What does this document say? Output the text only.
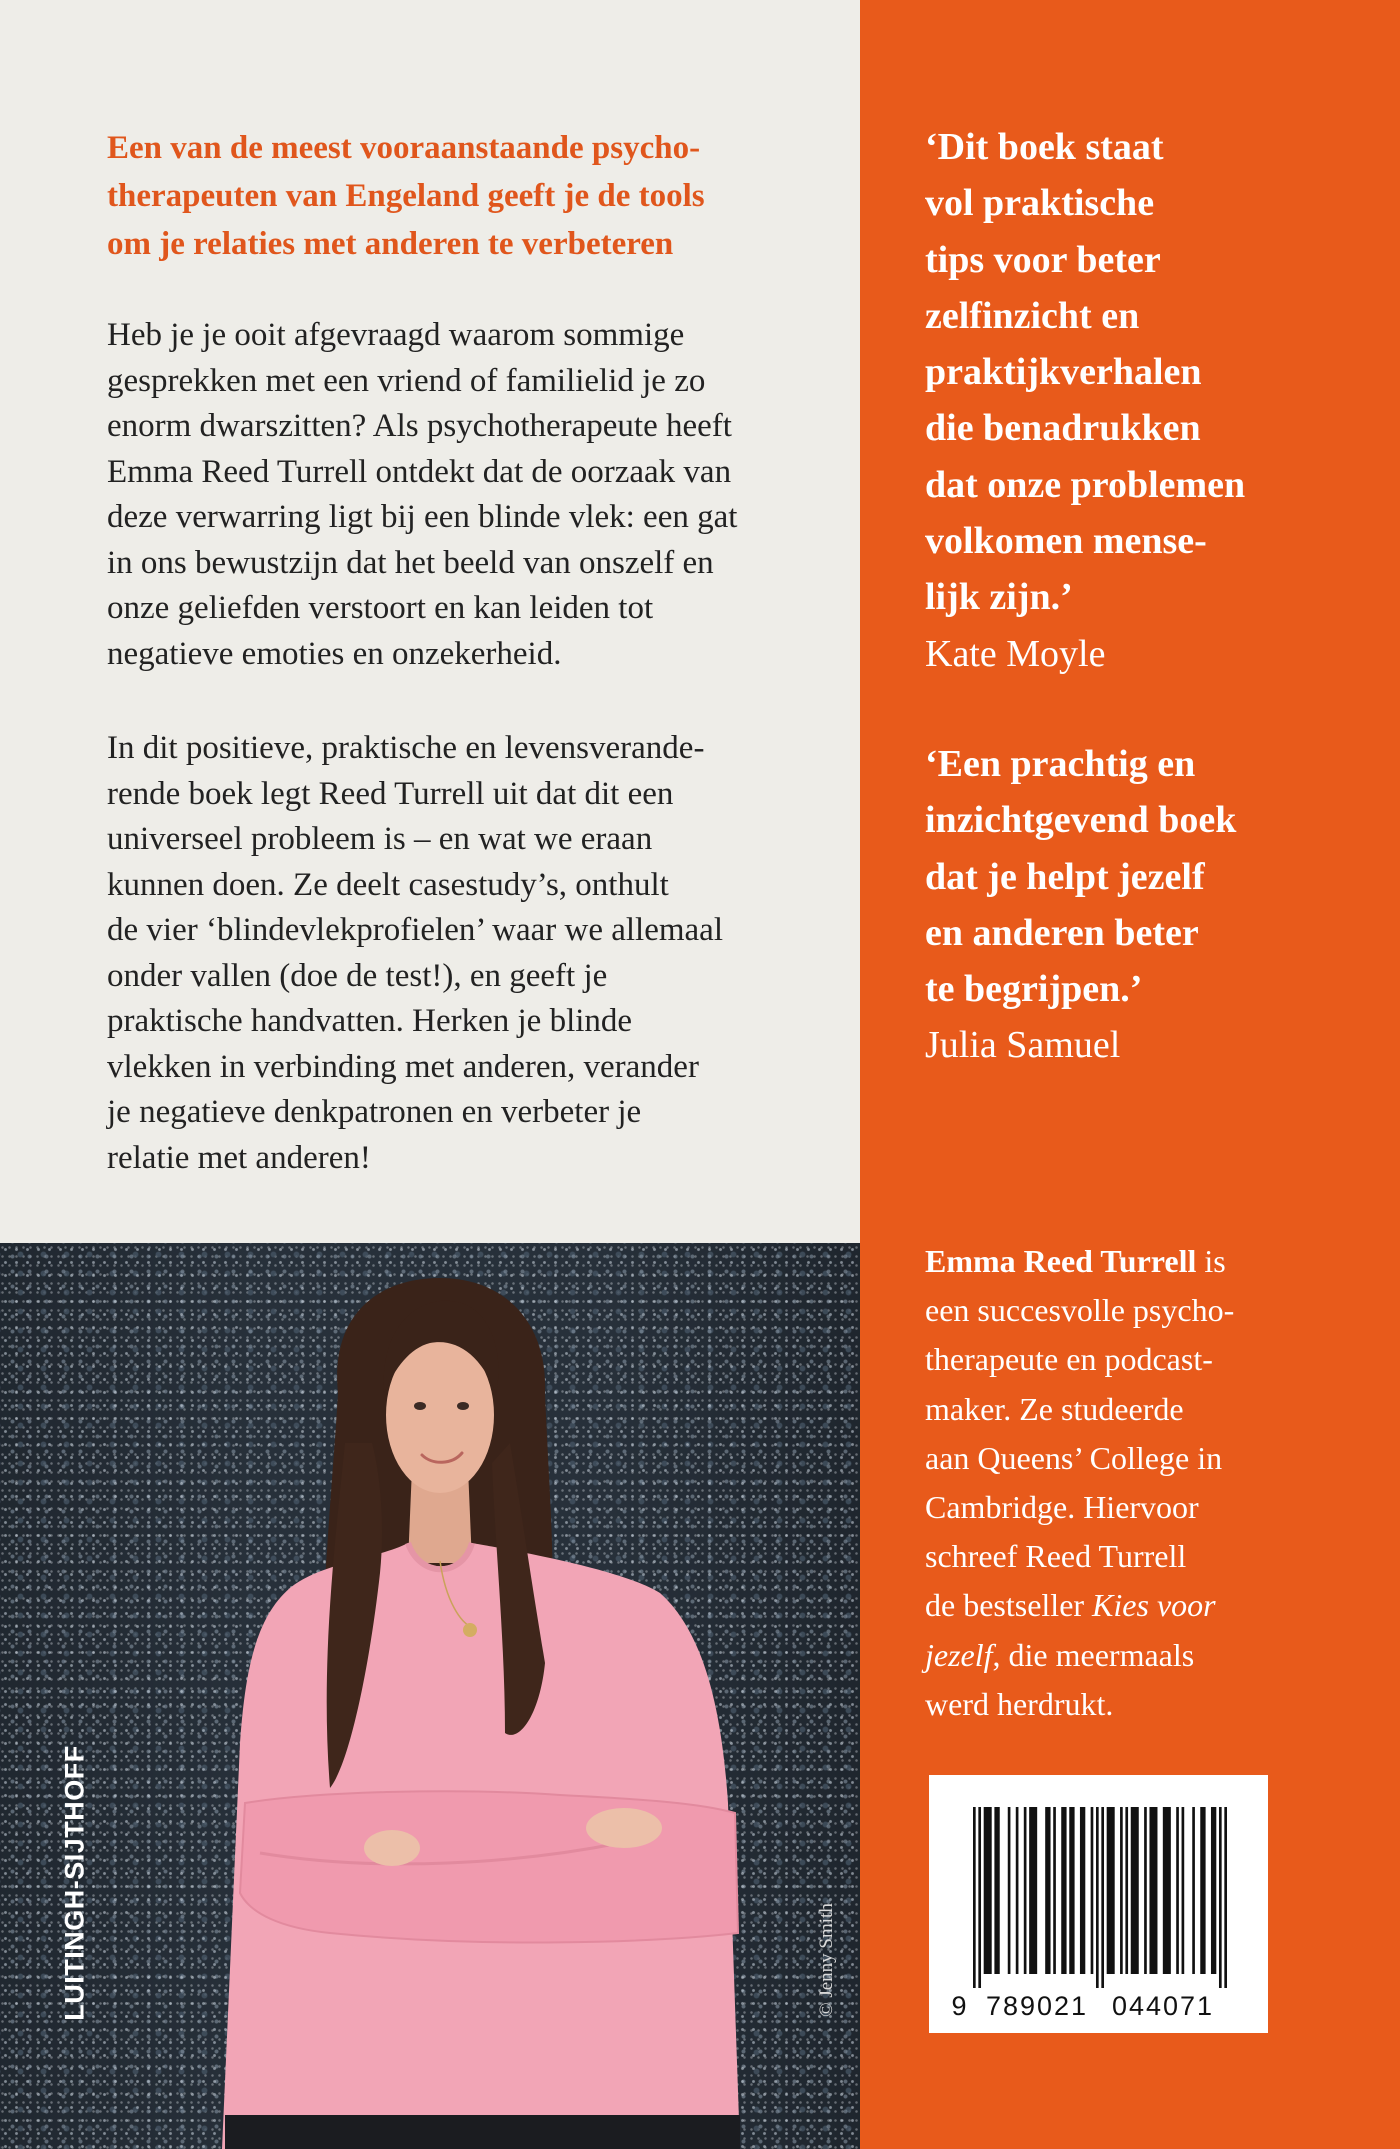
Een van de meest vooraanstaande psycho-
therapeuten van Engeland geeft je de tools
om je relaties met anderen te verbeteren
Heb je je ooit afgevraagd waarom sommige
gesprekken met een vriend of familielid je zo
enorm dwarszitten? Als psychotherapeute heeft
Emma Reed Turrell ontdekt dat de oorzaak van
deze verwarring ligt bij een blinde vlek: een gat
in ons bewustzijn dat het beeld van onszelf en
onze geliefden verstoort en kan leiden tot
negatieve emoties en onzekerheid.
In dit positieve, praktische en levensverande-
rende boek legt Reed Turrell uit dat dit een
universeel probleem is – en wat we eraan
kunnen doen. Ze deelt casestudy’s, onthult
de vier ‘blindevlekprofielen’ waar we allemaal
onder vallen (doe de test!), en geeft je
praktische handvatten. Herken je blinde
vlekken in verbinding met anderen, verander
je negatieve denkpatronen en verbeter je
relatie met anderen!
LUITINGH-SIJTHOFF	© Jenny Smith
‘Dit boek staat
vol praktische
tips voor beter
zelfinzicht en
praktijkverhalen
die benadrukken
dat onze problemen
volkomen mense-
lijk zijn.’
Kate Moyle
‘Een prachtig en
inzichtgevend boek
dat je helpt jezelf
en anderen beter
te begrijpen.’
Julia Samuel
Emma Reed Turrell is
een succesvolle psycho-
therapeute en podcast-
maker. Ze studeerde
aan Queens’ College in
Cambridge. Hiervoor
schreef Reed Turrell
de bestseller Kies voor
jezelf, die meermaals
werd herdrukt.
9 789021 044071
